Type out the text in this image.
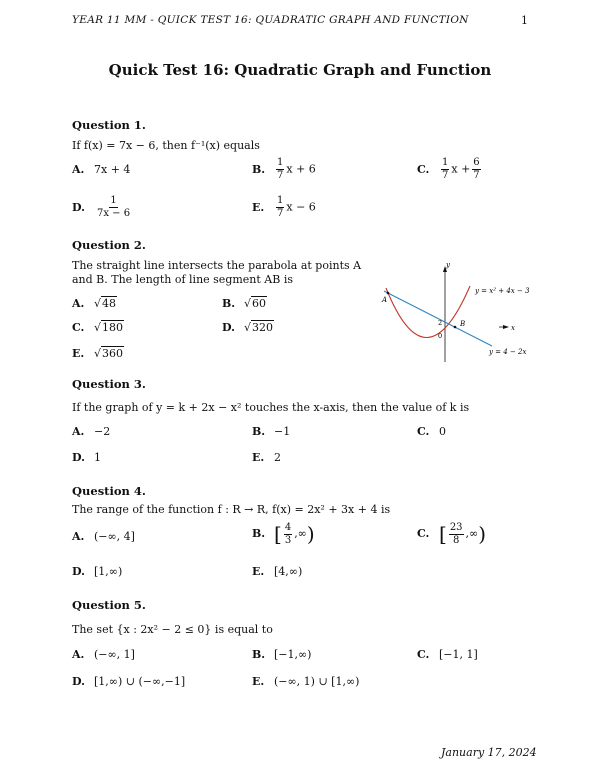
YEAR 11 MM - QUICK TEST 16: QUADRATIC GRAPH AND FUNCTION	1
Quick Test 16: Quadratic Graph and Function
Question 1.
If f(x) = 7x − 6, then f⁻¹(x) equals
A. 7x + 4	B. $\frac{1}{7}$ x + 6	C. $\frac{1}{7}$ $x + \frac{6}{7}$
D. $\frac{1}{7x - 6}$	E. $\frac{1}{7}$ x − 6
Question 2.
The straight line intersects the parabola at points A
and B. The length of line segment AB is
A. √48	B. √60
C. √180	D. √320
E. √360
y
x
A
B
2
0
y = x² + 4x − 3
y = 4 − 2x
Question 3.
If the graph of y = k + 2x − x² touches the x-axis, then the value of k is
A. −2	B. −1	C. 0
D. 1	E. 2
Question 4.
The range of the function f : R → R, f(x) = 2x² + 3x + 4 is
A. (−∞, 4]	B. [ $\frac{4}{3}$ ,∞)	C. [ $\frac{23}{8}$ ,∞)
D. [1,∞)	E. [4,∞)
Question 5.
The set {x : 2x² − 2 ≤ 0} is equal to
A. (−∞, 1]	B. [−1,∞)	C. [−1, 1]
D. [1,∞) ∪ (−∞,−1]	E. (−∞, 1) ∪ [1,∞)
January 17, 2024
